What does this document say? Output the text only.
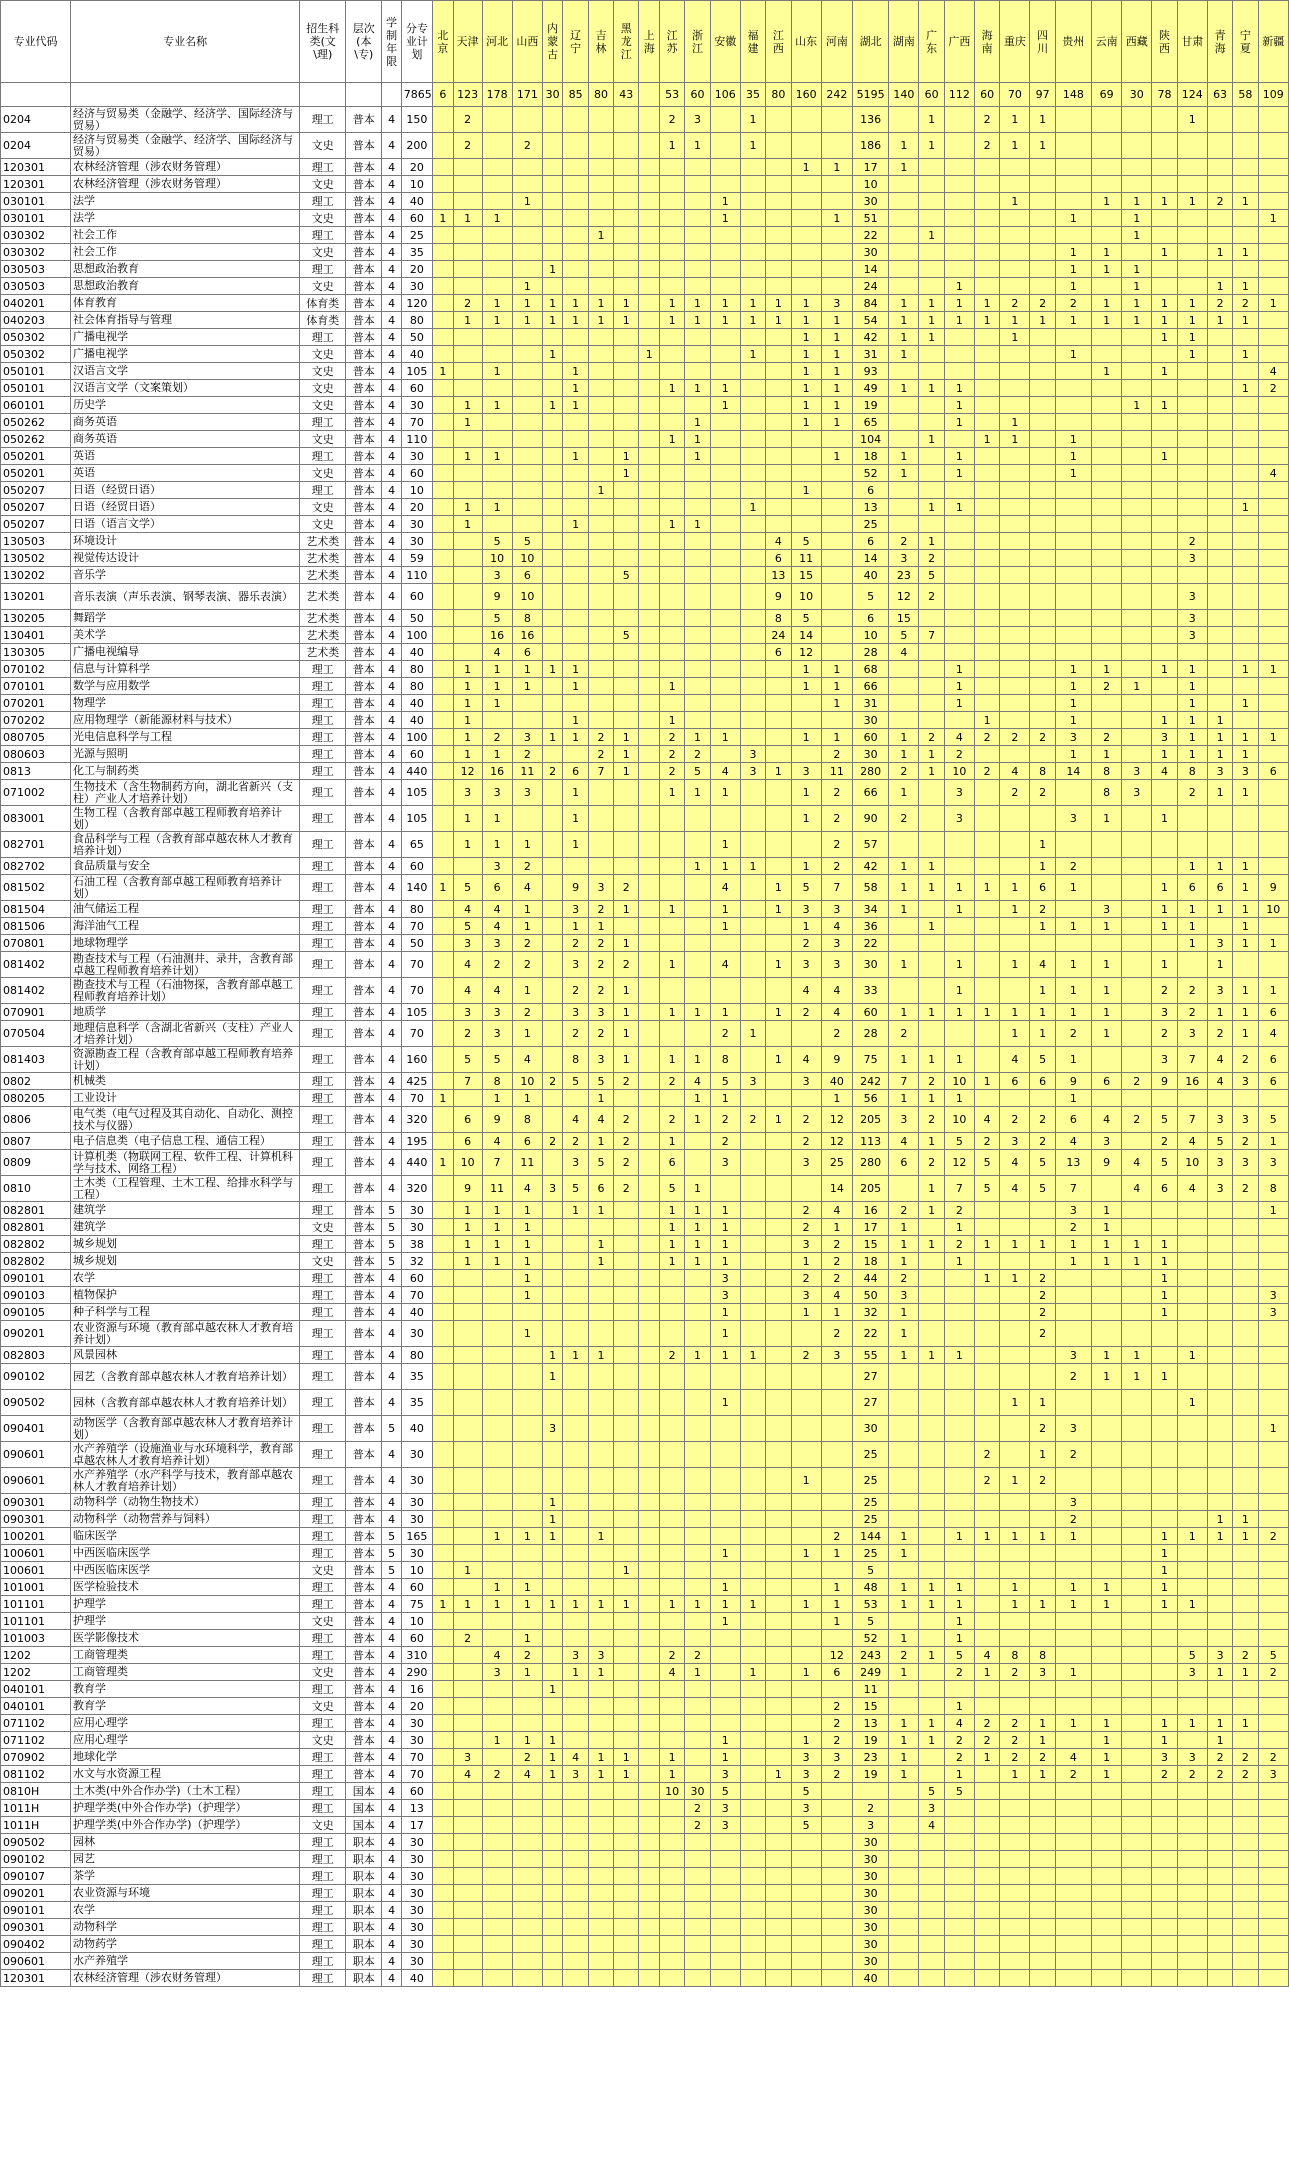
专业代码	专业名称	招生科类(文\理)	层次(本\专)	学制年限	分专业计划	北京	天津	河北	山西	内蒙古	辽宁	吉林	黑龙江	上海	江苏	浙江	安徽	福建	江西	山东	河南	湖北	湖南	广东	广西	海南	重庆	四川	贵州	云南	西藏	陕西	甘肃	青海	宁夏	新疆
					7865	6	123	178	171	30	85	80	43		53	60	106	35	80	160	242	5195	140	60	112	60	70	97	148	69	30	78	124	63	58	109
0204	经济与贸易类（金融学、经济学、国际经济与贸易）	理工	普本	4	150		2								2	3		1				136		1		2	1	1					1			
0204	经济与贸易类（金融学、经济学、国际经济与贸易）	文史	普本	4	200		2		2						1	1		1				186	1	1		2	1	1								
120301	农林经济管理（涉农财务管理）	理工	普本	4	20															1	1	17	1													
120301	农林经济管理（涉农财务管理）	文史	普本	4	10																	10														
030101	法学	理工	普本	4	40				1								1					30					1			1	1	1	1	2	1	
030101	法学	文史	普本	4	60	1	1	1									1				1	51							1		1					1
030302	社会工作	理工	普本	4	25							1										22		1							1					
030302	社会工作	文史	普本	4	35																	30							1	1		1		1	1	
030503	思想政治教育	理工	普本	4	20					1												14							1	1	1					
030503	思想政治教育	文史	普本	4	30				1													24			1				1		1			1	1	
040201	体育教育	体育类	普本	4	120		2	1	1	1	1	1	1		1	1	1	1	1	1	3	84	1	1	1	1	2	2	2	1	1	1	1	2	2	1
040203	社会体育指导与管理	体育类	普本	4	80		1	1	1	1	1	1	1		1	1	1	1	1	1	1	54	1	1	1	1	1	1	1	1	1	1	1	1	1	
050302	广播电视学	理工	普本	4	50															1	1	42	1	1			1					1	1			
050302	广播电视学	文史	普本	4	40					1				1				1		1	1	31	1						1				1		1	
050101	汉语言文学	文史	普本	4	105	1		1			1									1	1	93								1		1				4
050101	汉语言文学（文案策划）	文史	普本	4	60						1				1	1	1			1	1	49	1	1	1										1	2
060101	历史学	文史	普本	4	30		1	1		1	1						1			1	1	19			1						1	1				
050262	商务英语	理工	普本	4	70		1									1				1	1	65			1		1									
050262	商务英语	文史	普本	4	110										1	1						104		1		1	1		1							
050201	英语	理工	普本	4	30		1	1			1		1			1					1	18	1		1				1			1				
050201	英语	文史	普本	4	60								1									52	1		1				1							4
050207	日语（经贸日语）	理工	普本	4	10							1								1		6														
050207	日语（经贸日语）	文史	普本	4	20		1	1										1				13		1	1										1	
050207	日语（语言文学）	文史	普本	4	30		1				1				1	1						25														
130503	环境设计	艺术类	普本	4	30			5	5										4	5		6	2	1									2			
130502	视觉传达设计	艺术类	普本	4	59			10	10										6	11		14	3	2									3			
130202	音乐学	艺术类	普本	4	110			3	6				5						13	15		40	23	5												
130201	音乐表演（声乐表演、钢琴表演、器乐表演）	艺术类	普本	4	60			9	10										9	10		5	12	2									3			
130205	舞蹈学	艺术类	普本	4	50			5	8										8	5		6	15										3			
130401	美术学	艺术类	普本	4	100			16	16				5						24	14		10	5	7									3			
130305	广播电视编导	艺术类	普本	4	40			4	6										6	12		28	4													
070102	信息与计算科学	理工	普本	4	80		1	1	1	1	1									1	1	68			1				1	1		1	1		1	1
070101	数学与应用数学	理工	普本	4	80		1	1	1		1				1					1	1	66			1				1	2	1		1			
070201	物理学	理工	普本	4	40		1	1													1	31			1				1				1		1	
070202	应用物理学（新能源材料与技术）	理工	普本	4	40		1				1				1							30				1			1			1	1	1		
080705	光电信息科学与工程	理工	普本	4	100		1	2	3	1	1	2	1		2	1	1			1	1	60	1	2	4	2	2	2	3	2		3	1	1	1	1
080603	光源与照明	理工	普本	4	60		1	1	2			2	1		2	2		3			2	30	1	1	2				1	1		1	1	1	1	
0813	化工与制药类	理工	普本	4	440		12	16	11	2	6	7	1		2	5	4	3	1	3	11	280	2	1	10	2	4	8	14	8	3	4	8	3	3	6
071002	生物技术（含生物制药方向，湖北省新兴（支柱）产业人才培养计划）	理工	普本	4	105		3	3	3		1				1	1	1			1	2	66	1		3		2	2		8	3		2	1	1	
083001	生物工程（含教育部卓越工程师教育培养计划）	理工	普本	4	105		1	1			1									1	2	90	2		3				3	1		1				
082701	食品科学与工程（含教育部卓越农林人才教育培养计划）	理工	普本	4	65		1	1	1		1						1				2	57						1								
082702	食品质量与安全	理工	普本	4	60			3	2							1	1	1		1	2	42	1	1				1	2				1	1	1	
081502	石油工程（含教育部卓越工程师教育培养计划）	理工	普本	4	140	1	5	6	4		9	3	2				4		1	5	7	58	1	1	1	1	1	6	1			1	6	6	1	9
081504	油气储运工程	理工	普本	4	80		4	4	1		3	2	1		1		1		1	3	3	34	1		1		1	2		3		1	1	1	1	10
081506	海洋油气工程	理工	普本	4	70		5	4	1		1	1					1			1	4	36		1				1	1	1		1	1		1	
070801	地球物理学	理工	普本	4	50		3	3	2		2	2	1							2	3	22											1	3	1	1
081402	勘查技术与工程（石油测井、录井，含教育部卓越工程师教育培养计划）	理工	普本	4	70		4	2	2		3	2	2		1		4		1	3	3	30	1		1		1	4	1	1		1		1		
081402	勘查技术与工程（石油物探，含教育部卓越工程师教育培养计划）	理工	普本	4	70		4	4	1		2	2	1							4	4	33			1			1	1	1		2	2	3	1	1
070901	地质学	理工	普本	4	105		3	3	2		3	3	1		1	1	1		1	2	4	60	1	1	1	1	1	1	1	1		3	2	1	1	6
070504	地理信息科学（含湖北省新兴（支柱）产业人才培养计划）	理工	普本	4	70		2	3	1		2	2	1				2	1			2	28	2				1	1	2	1		2	3	2	1	4
081403	资源勘查工程（含教育部卓越工程师教育培养计划）	理工	普本	4	160		5	5	4		8	3	1		1	1	8		1	4	9	75	1	1	1		4	5	1			3	7	4	2	6
0802	机械类	理工	普本	4	425		7	8	10	2	5	5	2		2	4	5	3		3	40	242	7	2	10	1	6	6	9	6	2	9	16	4	3	6
080205	工业设计	理工	普本	4	70	1		1	1			1				1	1				1	56	1	1	1				1							
0806	电气类（电气过程及其自动化、自动化、测控技术与仪器）	理工	普本	4	320		6	9	8		4	4	2		2	1	2	2	1	2	12	205	3	2	10	4	2	2	6	4	2	5	7	3	3	5
0807	电子信息类（电子信息工程、通信工程）	理工	普本	4	195		6	4	6	2	2	1	2		1		2			2	12	113	4	1	5	2	3	2	4	3		2	4	5	2	1
0809	计算机类（物联网工程、软件工程、计算机科学与技术、网络工程）	理工	普本	4	440	1	10	7	11		3	5	2		6		3			3	25	280	6	2	12	5	4	5	13	9	4	5	10	3	3	3
0810	土木类（工程管理、土木工程、给排水科学与工程）	理工	普本	4	320		9	11	4	3	5	6	2		5	1					14	205		1	7	5	4	5	7		4	6	4	3	2	8
082801	建筑学	理工	普本	5	30		1	1	1		1	1			1	1	1			2	4	16	2	1	2				3	1						1
082801	建筑学	文史	普本	5	30		1	1	1						1	1	1			2	1	17	1		1				2	1						
082802	城乡规划	理工	普本	5	38		1	1	1			1			1	1	1			3	2	15	1	1	2	1	1	1	1	1	1	1				
082802	城乡规划	文史	普本	5	32		1	1	1			1			1	1	1			1	2	18	1		1				1	1	1	1				
090101	农学	理工	普本	4	60				1								3			2	2	44	2			1	1	2				1				
090103	植物保护	理工	普本	4	70				1								3			3	4	50	3					2				1				3
090105	种子科学与工程	理工	普本	4	40												1			1	1	32	1					2				1				3
090201	农业资源与环境（教育部卓越农林人才教育培养计划）	理工	普本	4	30				1								1				2	22	1					2								
082803	风景园林	理工	普本	4	80					1	1	1			2	1	1	1		2	3	55	1	1	1				3	1	1		1			
090102	园艺（含教育部卓越农林人才教育培养计划）	理工	普本	4	35					1												27							2	1	1	1				
090502	园林（含教育部卓越农林人才教育培养计划）	理工	普本	4	35												1					27					1	1					1			
090401	动物医学（含教育部卓越农林人才教育培养计划）	理工	普本	5	40					3												30						2	3							1
090601	水产养殖学（设施渔业与水环境科学，教育部卓越农林人才教育培养计划）	理工	普本	4	30																	25				2		1	2							
090601	水产养殖学（水产科学与技术，教育部卓越农林人才教育培养计划）	理工	普本	4	30															1		25				2	1	2								
090301	动物科学（动物生物技术）	理工	普本	4	30					1												25							3							
090301	动物科学（动物营养与饲料）	理工	普本	4	30					1												25							2					1	1	
100201	临床医学	理工	普本	5	165			1	1	1		1									2	144	1		1	1	1	1	1			1	1	1	1	2
100601	中西医临床医学	理工	普本	5	30												1			1	1	25	1									1				
100601	中西医临床医学	文史	普本	5	10		1						1									5										1				
101001	医学检验技术	理工	普本	4	60			1	1								1				1	48	1	1	1		1		1	1		1				
101101	护理学	理工	普本	4	75	1	1	1	1	1	1	1	1		1	1	1	1		1	1	53	1	1	1		1	1	1	1		1	1			
101101	护理学	文史	普本	4	10												1				1	5			1											
101003	医学影像技术	理工	普本	4	60		2		1													52	1		1											
1202	工商管理类	理工	普本	4	310			4	2		3	3			2	2					12	243	2	1	5	4	8	8					5	3	2	5
1202	工商管理类	文史	普本	4	290			3	1		1	1			4	1		1		1	6	249	1		2	1	2	3	1				3	1	1	2
040101	教育学	理工	普本	4	16					1												11														
040101	教育学	文史	普本	4	20																2	15			1											
071102	应用心理学	理工	普本	4	30																2	13	1	1	4	2	2	1	1	1		1	1	1	1	
071102	应用心理学	文史	普本	4	30			1	1	1							1			1	2	19	1	1	2	2	2	1		1		1		1		
070902	地球化学	理工	普本	4	70		3		2	1	4	1	1		1		1			3	3	23	1		2	1	2	2	4	1		3	3	2	2	2
081102	水文与水资源工程	理工	普本	4	70		4	2	4	1	3	1	1		1		3		1	3	2	19	1		1		1	1	2	1		2	2	2	2	3
0810H	土木类(中外合作办学)（土木工程）	理工	国本	4	60										10	30	5			5				5	5											
1011H	护理学类(中外合作办学)（护理学）	理工	国本	4	13											2	3			3		2		3												
1011H	护理学类(中外合作办学)（护理学）	文史	国本	4	17											2	3			5		3		4												
090502	园林	理工	职本	4	30																	30														
090102	园艺	理工	职本	4	30																	30														
090107	茶学	理工	职本	4	30																	30														
090201	农业资源与环境	理工	职本	4	30																	30														
090101	农学	理工	职本	4	30																	30														
090301	动物科学	理工	职本	4	30																	30														
090402	动物药学	理工	职本	4	30																	30														
090601	水产养殖学	理工	职本	4	30																	30														
120301	农林经济管理（涉农财务管理）	理工	职本	4	40																	40														
